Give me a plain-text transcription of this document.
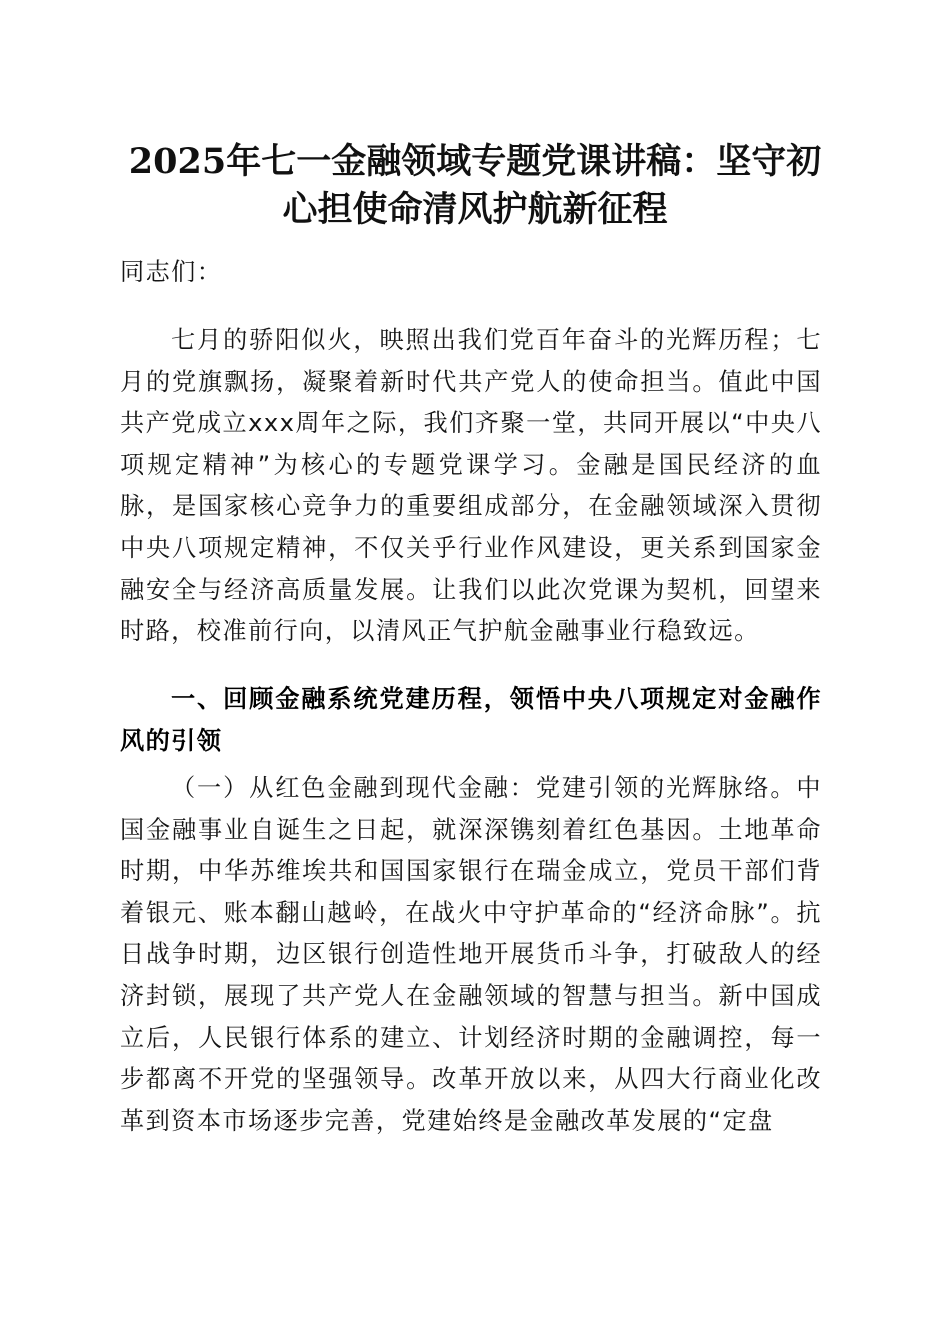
2025年七一金融领域专题党课讲稿：坚守初
心担使命清风护航新征程

同志们：

七月的骄阳似火，映照出我们党百年奋斗的光辉历程；七月的党旗飘扬，凝聚着新时代共产党人的使命担当。值此中国共产党成立xxx周年之际，我们齐聚一堂，共同开展以“中央八项规定精神”为核心的专题党课学习。金融是国民经济的血脉，是国家核心竞争力的重要组成部分，在金融领域深入贯彻中央八项规定精神，不仅关乎行业作风建设，更关系到国家金融安全与经济高质量发展。让我们以此次党课为契机，回望来时路，校准前行向，以清风正气护航金融事业行稳致远。

一、回顾金融系统党建历程，领悟中央八项规定对金融作风的引领

（一）从红色金融到现代金融：党建引领的光辉脉络。中国金融事业自诞生之日起，就深深镌刻着红色基因。土地革命时期，中华苏维埃共和国国家银行在瑞金成立，党员干部们背着银元、账本翻山越岭，在战火中守护革命的“经济命脉”。抗日战争时期，边区银行创造性地开展货币斗争，打破敌人的经济封锁，展现了共产党人在金融领域的智慧与担当。新中国成立后，人民银行体系的建立、计划经济时期的金融调控，每一步都离不开党的坚强领导。改革开放以来，从四大行商业化改革到资本市场逐步完善，党建始终是金融改革发展的“定盘
